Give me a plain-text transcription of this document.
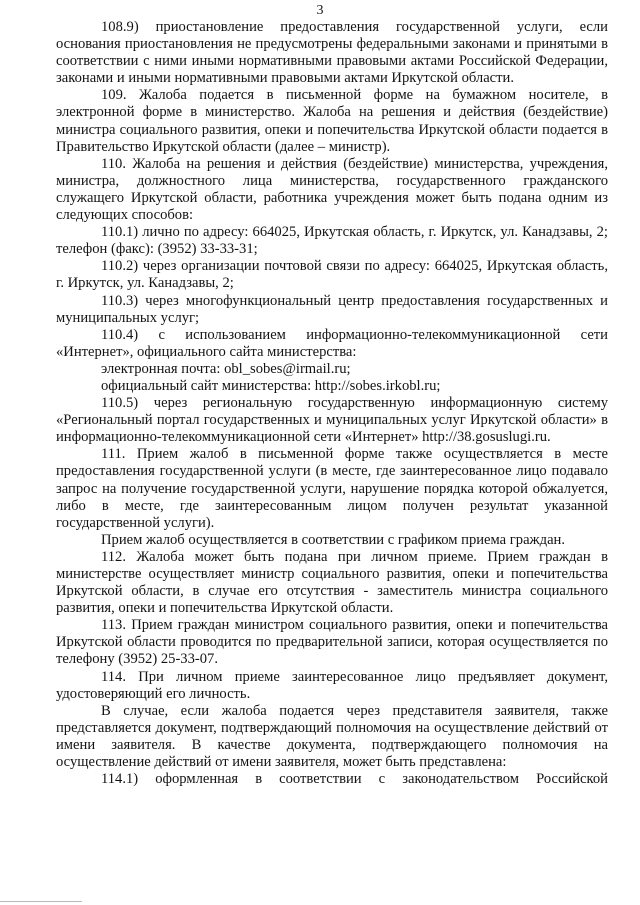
3

108.9) приостановление предоставления государственной услуги, если основания приостановления не предусмотрены федеральными законами и принятыми в соответствии с ними иными нормативными правовыми актами Российской Федерации, законами и иными нормативными правовыми актами Иркутской области.

109. Жалоба подается в письменной форме на бумажном носителе, в электронной форме в министерство. Жалоба на решения и действия (бездействие) министра социального развития, опеки и попечительства Иркутской области подается в Правительство Иркутской области (далее – министр).

110. Жалоба на решения и действия (бездействие) министерства, учреждения, министра, должностного лица министерства, государственного гражданского служащего Иркутской области, работника учреждения может быть подана одним из следующих способов:

110.1) лично по адресу: 664025, Иркутская область, г. Иркутск, ул. Канадзавы, 2; телефон (факс): (3952) 33-33-31;

110.2) через организации почтовой связи по адресу: 664025, Иркутская область, г. Иркутск, ул. Канадзавы, 2;

110.3) через многофункциональный центр предоставления государственных и муниципальных услуг;

110.4) с использованием информационно-телекоммуникационной сети «Интернет», официального сайта министерства:

электронная почта: obl_sobes@irmail.ru;

официальный сайт министерства: http://sobes.irkobl.ru;

110.5) через региональную государственную информационную систему «Региональный портал государственных и муниципальных услуг Иркутской области» в информационно-телекоммуникационной сети «Интернет» http://38.gosuslugi.ru.

111. Прием жалоб в письменной форме также осуществляется в месте предоставления государственной услуги (в месте, где заинтересованное лицо подавало запрос на получение государственной услуги, нарушение порядка которой обжалуется, либо в месте, где заинтересованным лицом получен результат указанной государственной услуги).

Прием жалоб осуществляется в соответствии с графиком приема граждан.

112. Жалоба может быть подана при личном приеме. Прием граждан в министерстве осуществляет министр социального развития, опеки и попечительства Иркутской области, в случае его отсутствия - заместитель министра социального развития, опеки и попечительства Иркутской области.

113. Прием граждан министром социального развития, опеки и попечительства Иркутской области проводится по предварительной записи, которая осуществляется по телефону (3952) 25-33-07.

114. При личном приеме заинтересованное лицо предъявляет документ, удостоверяющий его личность.

В случае, если жалоба подается через представителя заявителя, также представляется документ, подтверждающий полномочия на осуществление действий от имени заявителя. В качестве документа, подтверждающего полномочия на осуществление действий от имени заявителя, может быть представлена:

114.1) оформленная в соответствии с законодательством Российской
